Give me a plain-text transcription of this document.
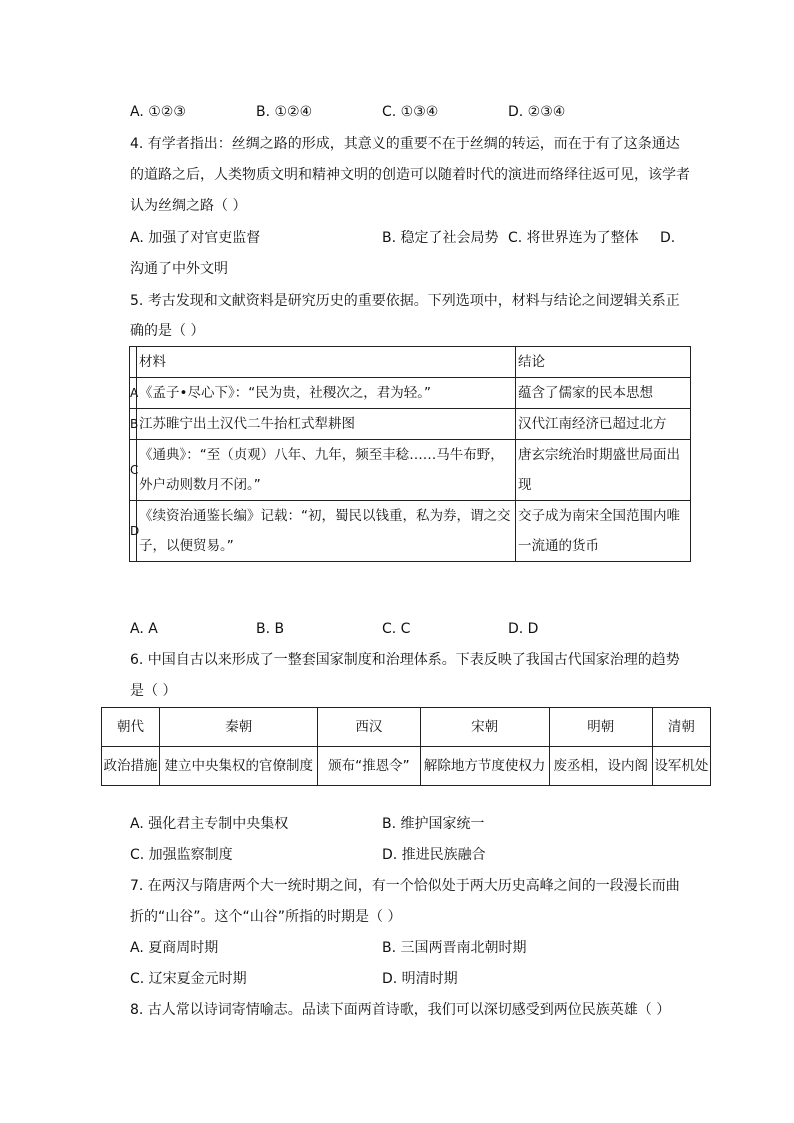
A. ①②③	B. ①②④	C. ①③④	D. ②③④
4. 有学者指出：丝绸之路的形成，其意义的重要不在于丝绸的转运，而在于有了这条通达
的道路之后，人类物质文明和精神文明的创造可以随着时代的演进而络绎往返可见，该学者
认为丝绸之路（ ）
A. 加强了对官吏监督	B. 稳定了社会局势 C. 将世界连为了整体 D.
沟通了中外文明
5. 考古发现和文献资料是研究历史的重要依据。下列选项中，材料与结论之间逻辑关系正
确的是（ ）
	材料	结论
A	《孟子•尽心下》：“民为贵，社稷次之，君为轻。”	蕴含了儒家的民本思想
B	江苏睢宁出土汉代二牛抬杠式犁耕图	汉代江南经济已超过北方
C	《通典》：“至（贞观）八年、九年，频至丰稔……马牛布野，外户动则数月不闭。”	唐玄宗统治时期盛世局面出现
D	《续资治通鉴长编》记载：“初，蜀民以钱重，私为券，谓之交子，以便贸易。”	交子成为南宋全国范围内唯一流通的货币
A. A	B. B	C. C	D. D
6. 中国自古以来形成了一整套国家制度和治理体系。下表反映了我国古代国家治理的趋势
是（ ）
朝代	秦朝	西汉	宋朝	明朝	清朝
政治措施	建立中央集权的官僚制度	颁布“推恩令”	解除地方节度使权力	废丞相，设内阁	设军机处
A. 强化君主专制中央集权	B. 维护国家统一
C. 加强监察制度	D. 推进民族融合
7. 在两汉与隋唐两个大一统时期之间，有一个恰似处于两大历史高峰之间的一段漫长而曲
折的“山谷”。这个“山谷”所指的时期是（ ）
A. 夏商周时期	B. 三国两晋南北朝时期
C. 辽宋夏金元时期	D. 明清时期
8. 古人常以诗词寄情喻志。品读下面两首诗歌，我们可以深切感受到两位民族英雄（ ）
